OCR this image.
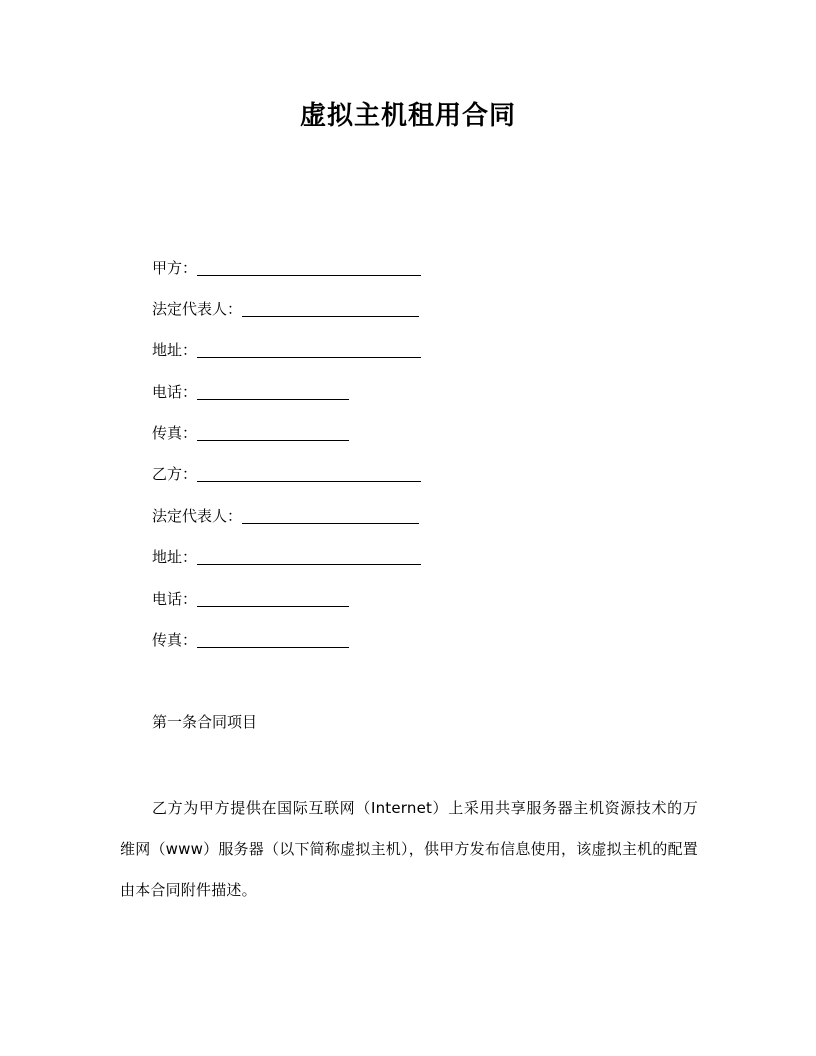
虚拟主机租用合同
甲方：
法定代表人：
地址：
电话：
传真：
乙方：
法定代表人：
地址：
电话：
传真：
第一条合同项目
乙方为甲方提供在国际互联网（Internet）上采用共享服务器主机资源技术的万维网（www）服务器（以下简称虚拟主机），供甲方发布信息使用，该虚拟主机的配置由本合同附件描述。
